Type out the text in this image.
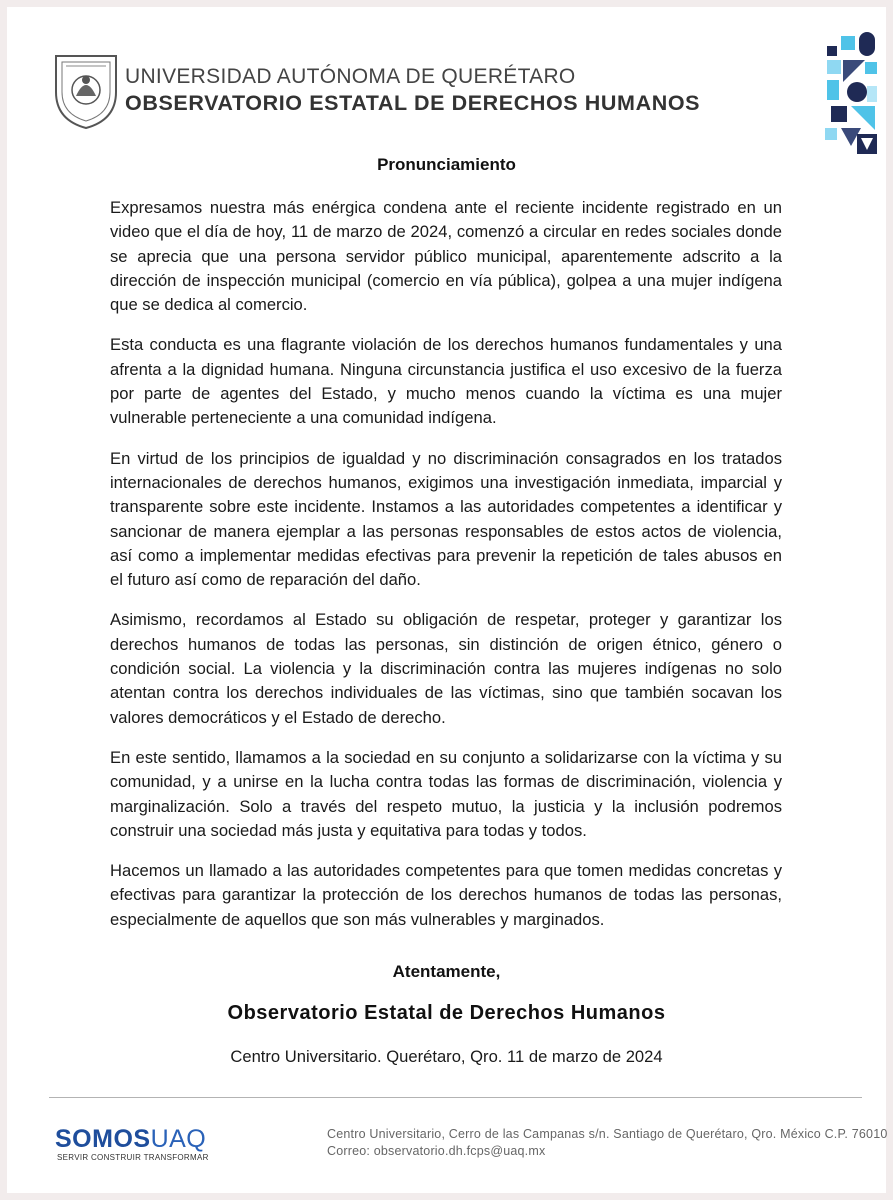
UNIVERSIDAD AUTÓNOMA DE QUERÉTARO
OBSERVATORIO ESTATAL DE DERECHOS HUMANOS
Pronunciamiento

Expresamos nuestra más enérgica condena ante el reciente incidente registrado en un video que el día de hoy, 11 de marzo de 2024, comenzó a circular en redes sociales donde se aprecia que una persona servidor público municipal, aparentemente adscrito a la dirección de inspección municipal (comercio en vía pública), golpea a una mujer indígena que se dedica al comercio.

Esta conducta es una flagrante violación de los derechos humanos fundamentales y una afrenta a la dignidad humana. Ninguna circunstancia justifica el uso excesivo de la fuerza por parte de agentes del Estado, y mucho menos cuando la víctima es una mujer vulnerable perteneciente a una comunidad indígena.

En virtud de los principios de igualdad y no discriminación consagrados en los tratados internacionales de derechos humanos, exigimos una investigación inmediata, imparcial y transparente sobre este incidente. Instamos a las autoridades competentes a identificar y sancionar de manera ejemplar a las personas responsables de estos actos de violencia, así como a implementar medidas efectivas para prevenir la repetición de tales abusos en el futuro así como de reparación del daño.

Asimismo, recordamos al Estado su obligación de respetar, proteger y garantizar los derechos humanos de todas las personas, sin distinción de origen étnico, género o condición social. La violencia y la discriminación contra las mujeres indígenas no solo atentan contra los derechos individuales de las víctimas, sino que también socavan los valores democráticos y el Estado de derecho.

En este sentido, llamamos a la sociedad en su conjunto a solidarizarse con la víctima y su comunidad, y a unirse en la lucha contra todas las formas de discriminación, violencia y marginalización. Solo a través del respeto mutuo, la justicia y la inclusión podremos construir una sociedad más justa y equitativa para todas y todos.

Hacemos un llamado a las autoridades competentes para que tomen medidas concretas y efectivas para garantizar la protección de los derechos humanos de todas las personas, especialmente de aquellos que son más vulnerables y marginados.

Atentamente,
Observatorio Estatal de Derechos Humanos
Centro Universitario. Querétaro, Qro. 11 de marzo de 2024
SOMOSUAQ
SERVIR CONSTRUIR TRANSFORMAR
Centro Universitario, Cerro de las Campanas s/n. Santiago de Querétaro, Qro. México C.P. 76010
Correo: observatorio.dh.fcps@uaq.mx
